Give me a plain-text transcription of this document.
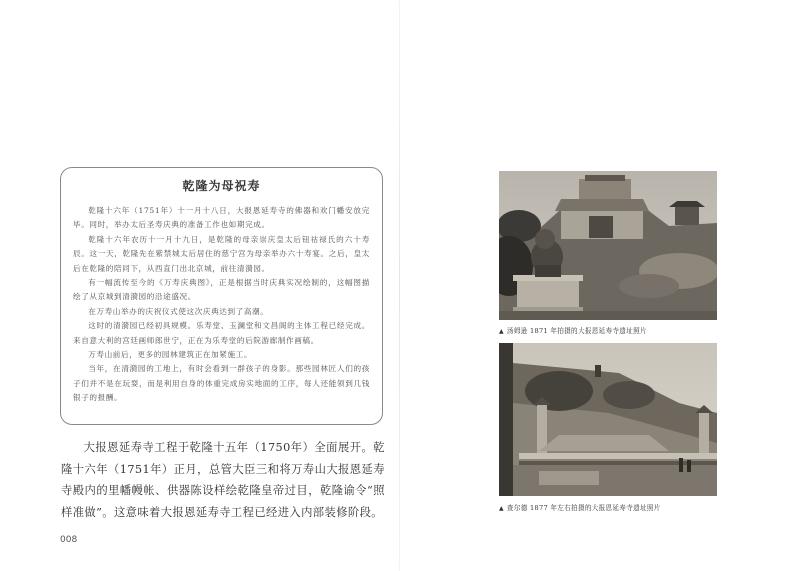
乾隆为母祝寿

乾隆十六年（1751年）十一月十八日，大报恩延寿寺的佛器和欢门幡安放完毕。同时，举办太后圣寿庆典的准备工作也如期完成。

乾隆十六年农历十一月十九日，是乾隆的母亲崇庆皇太后钮祜禄氏的六十寿辰。这一天，乾隆先在紫禁城太后居住的慈宁宫为母亲举办六十寿宴。之后，皇太后在乾隆的陪同下，从西直门出北京城，前往清漪园。

有一幅流传至今的《万寿庆典图》，正是根据当时庆典实况绘制的，这幅图描绘了从京城到清漪园的沿途盛况。

在万寿山举办的庆祝仪式使这次庆典达到了高潮。

这时的清漪园已经初具规模。乐寿堂、玉澜堂和文昌阁的主体工程已经完成。来自意大利的宫廷画师郎世宁，正在为乐寿堂的后院游廊制作画稿。

万寿山前后，更多的园林建筑正在加紧施工。

当年，在清漪园的工地上，有时会看到一群孩子的身影。那些园林匠人们的孩子们并不是在玩耍，而是利用自身的体重完成房实地面的工序，每人还能领到几钱银子的报酬。

大报恩延寿寺工程于乾隆十五年（1750年）全面展开。乾隆十六年（1751年）正月，总管大臣三和将万寿山大报恩延寿寺殿内的里幡幔帐、供器陈设样绘乾隆皇帝过目，乾隆谕令“照样准做”。这意味着大报恩延寿寺工程已经进入内部装修阶段。

008
▲ 汤姆逊 1871 年拍摄的大报恩延寿寺遗址照片
▲ 查尔德 1877 年左右拍摄的大报恩延寿寺遗址照片
